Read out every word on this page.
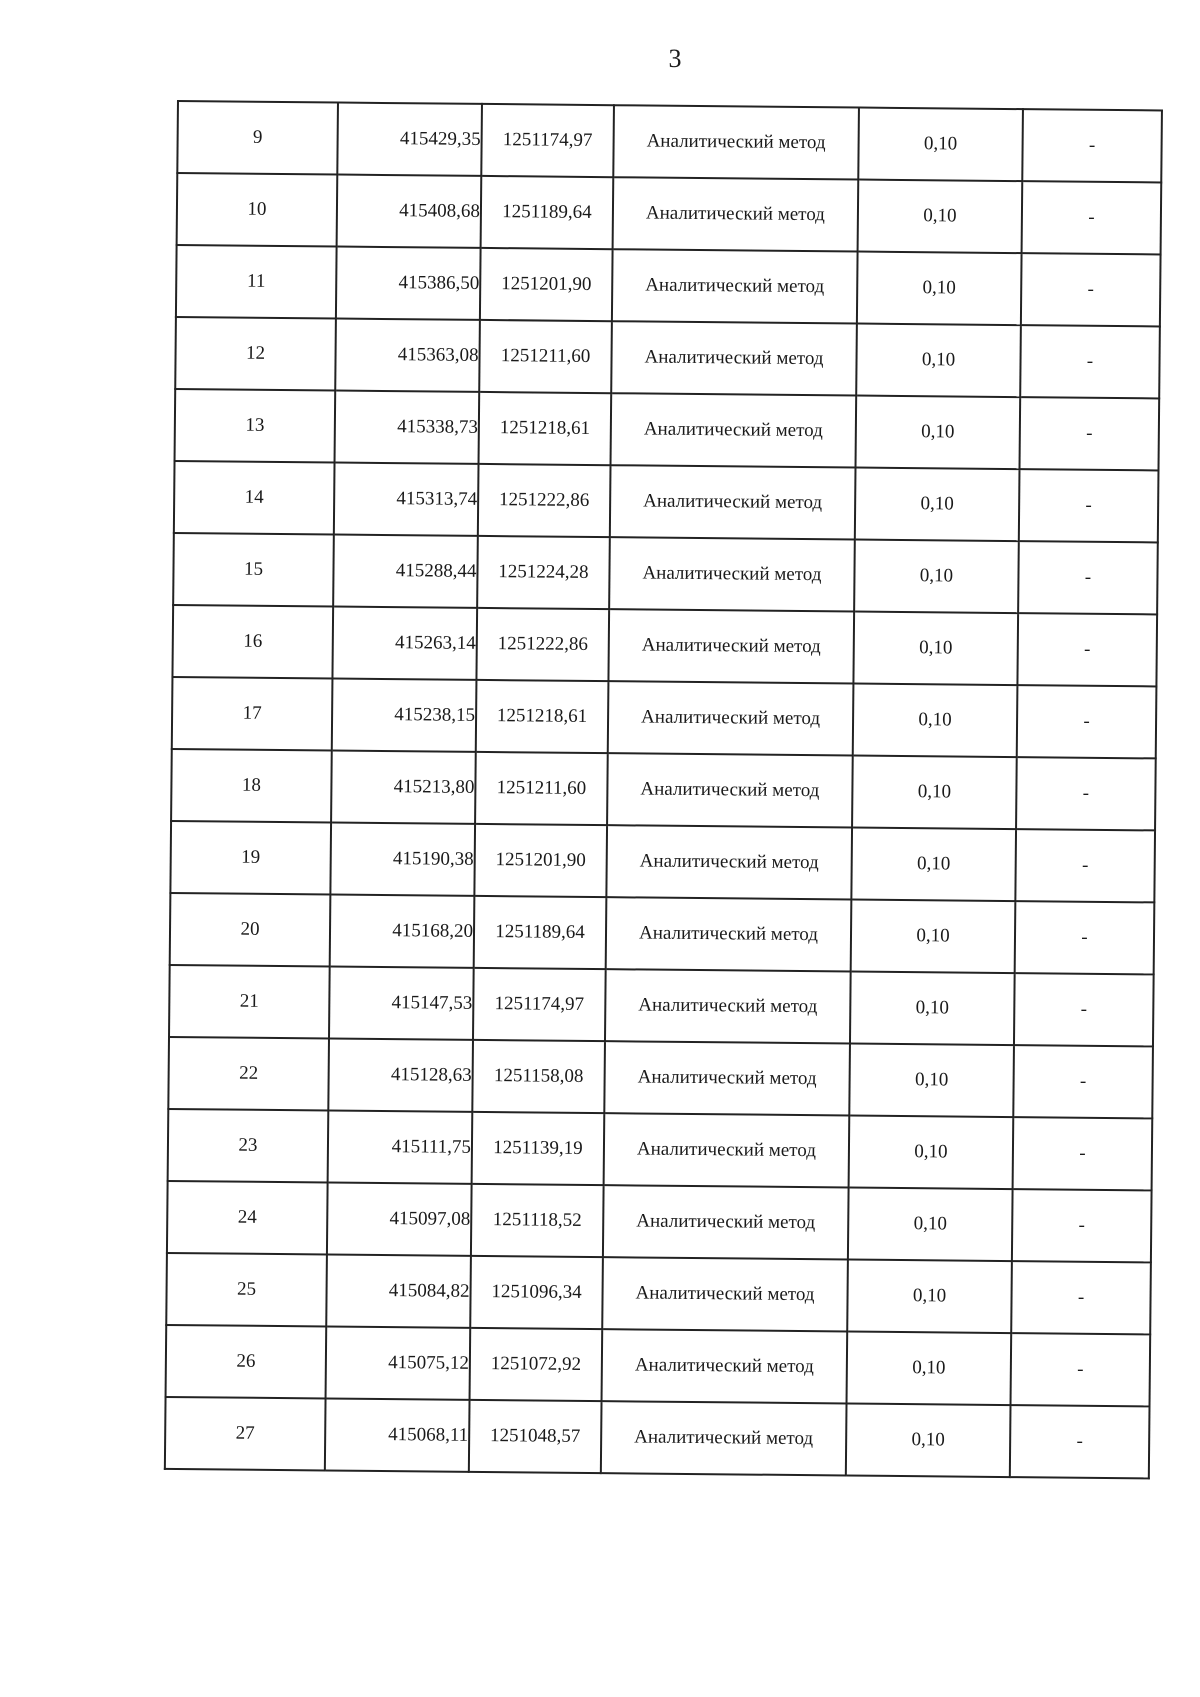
3
9	415429,35	1251174,97	Аналитический метод	0,10	-
10	415408,68	1251189,64	Аналитический метод	0,10	-
11	415386,50	1251201,90	Аналитический метод	0,10	-
12	415363,08	1251211,60	Аналитический метод	0,10	-
13	415338,73	1251218,61	Аналитический метод	0,10	-
14	415313,74	1251222,86	Аналитический метод	0,10	-
15	415288,44	1251224,28	Аналитический метод	0,10	-
16	415263,14	1251222,86	Аналитический метод	0,10	-
17	415238,15	1251218,61	Аналитический метод	0,10	-
18	415213,80	1251211,60	Аналитический метод	0,10	-
19	415190,38	1251201,90	Аналитический метод	0,10	-
20	415168,20	1251189,64	Аналитический метод	0,10	-
21	415147,53	1251174,97	Аналитический метод	0,10	-
22	415128,63	1251158,08	Аналитический метод	0,10	-
23	415111,75	1251139,19	Аналитический метод	0,10	-
24	415097,08	1251118,52	Аналитический метод	0,10	-
25	415084,82	1251096,34	Аналитический метод	0,10	-
26	415075,12	1251072,92	Аналитический метод	0,10	-
27	415068,11	1251048,57	Аналитический метод	0,10	-
